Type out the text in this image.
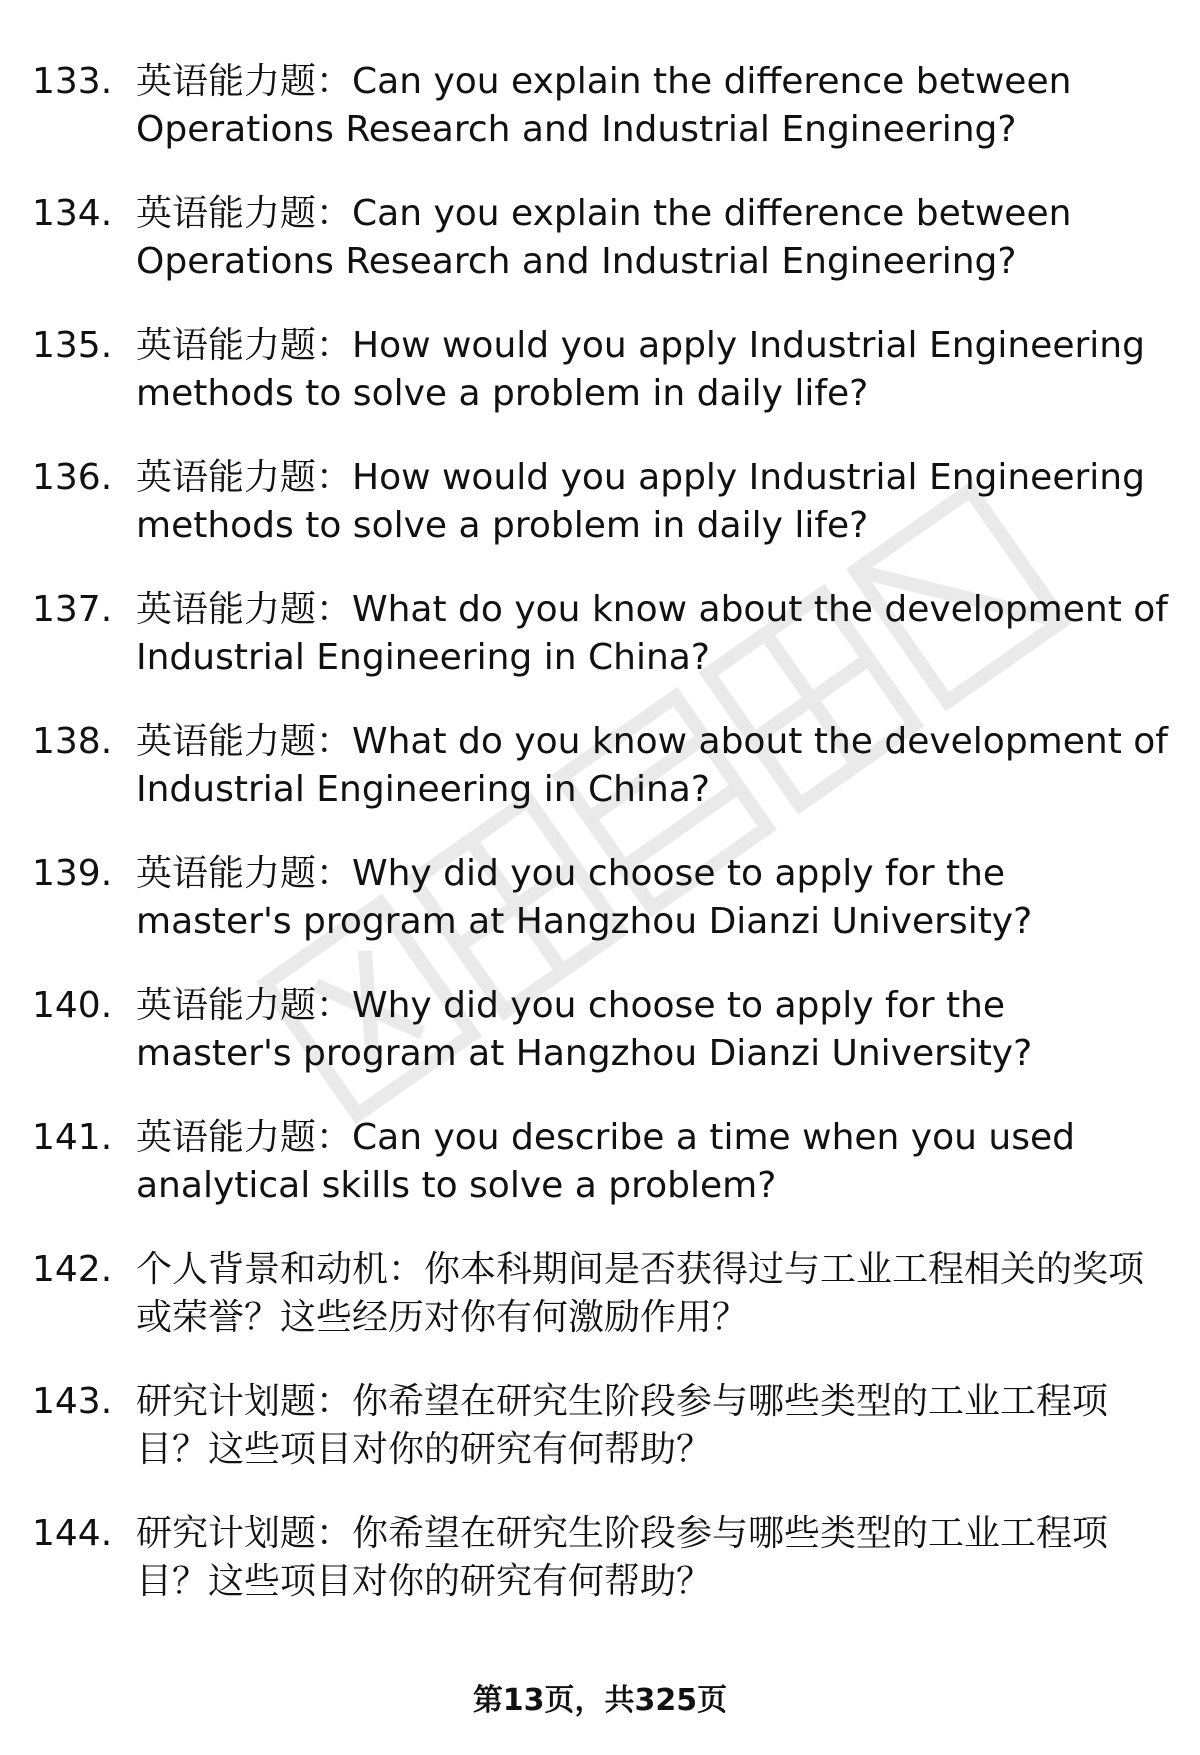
133. 英语能力题：Can you explain the difference between Operations Research and Industrial Engineering?
134. 英语能力题：Can you explain the difference between Operations Research and Industrial Engineering?
135. 英语能力题：How would you apply Industrial Engineering methods to solve a problem in daily life?
136. 英语能力题：How would you apply Industrial Engineering methods to solve a problem in daily life?
137. 英语能力题：What do you know about the development of Industrial Engineering in China?
138. 英语能力题：What do you know about the development of Industrial Engineering in China?
139. 英语能力题：Why did you choose to apply for the master's program at Hangzhou Dianzi University?
140. 英语能力题：Why did you choose to apply for the master's program at Hangzhou Dianzi University?
141. 英语能力题：Can you describe a time when you used analytical skills to solve a problem?
142. 个人背景和动机：你本科期间是否获得过与工业工程相关的奖项或荣誉？这些经历对你有何激励作用？
143. 研究计划题：你希望在研究生阶段参与哪些类型的工业工程项目？这些项目对你的研究有何帮助？
144. 研究计划题：你希望在研究生阶段参与哪些类型的工业工程项目？这些项目对你的研究有何帮助？
第13页，共325页
